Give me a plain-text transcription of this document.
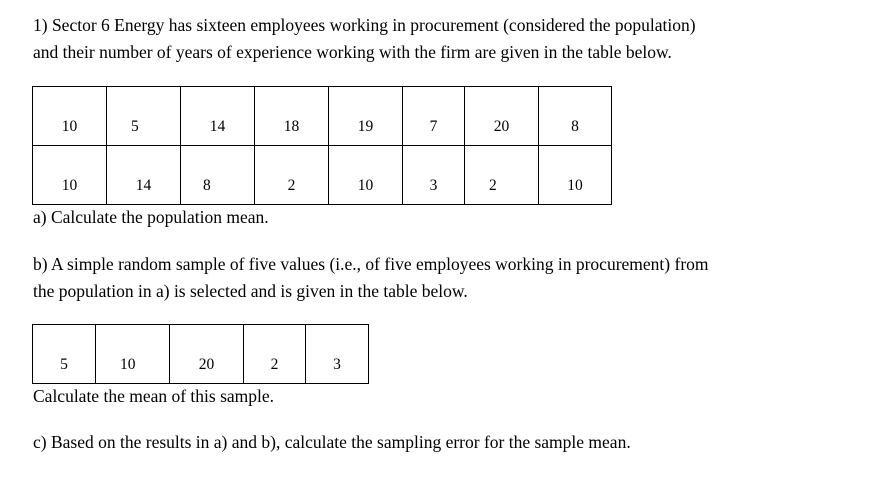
1) Sector 6 Energy has sixteen employees working in procurement (considered the population)
and their number of years of experience working with the firm are given in the table below.
10	5	14	18	19	7	20	8
10	14	8	2	10	3	2	10
a) Calculate the population mean.
b) A simple random sample of five values (i.e., of five employees working in procurement) from
the population in a) is selected and is given in the table below.
5	10	20	2	3
Calculate the mean of this sample.
c) Based on the results in a) and b), calculate the sampling error for the sample mean.
